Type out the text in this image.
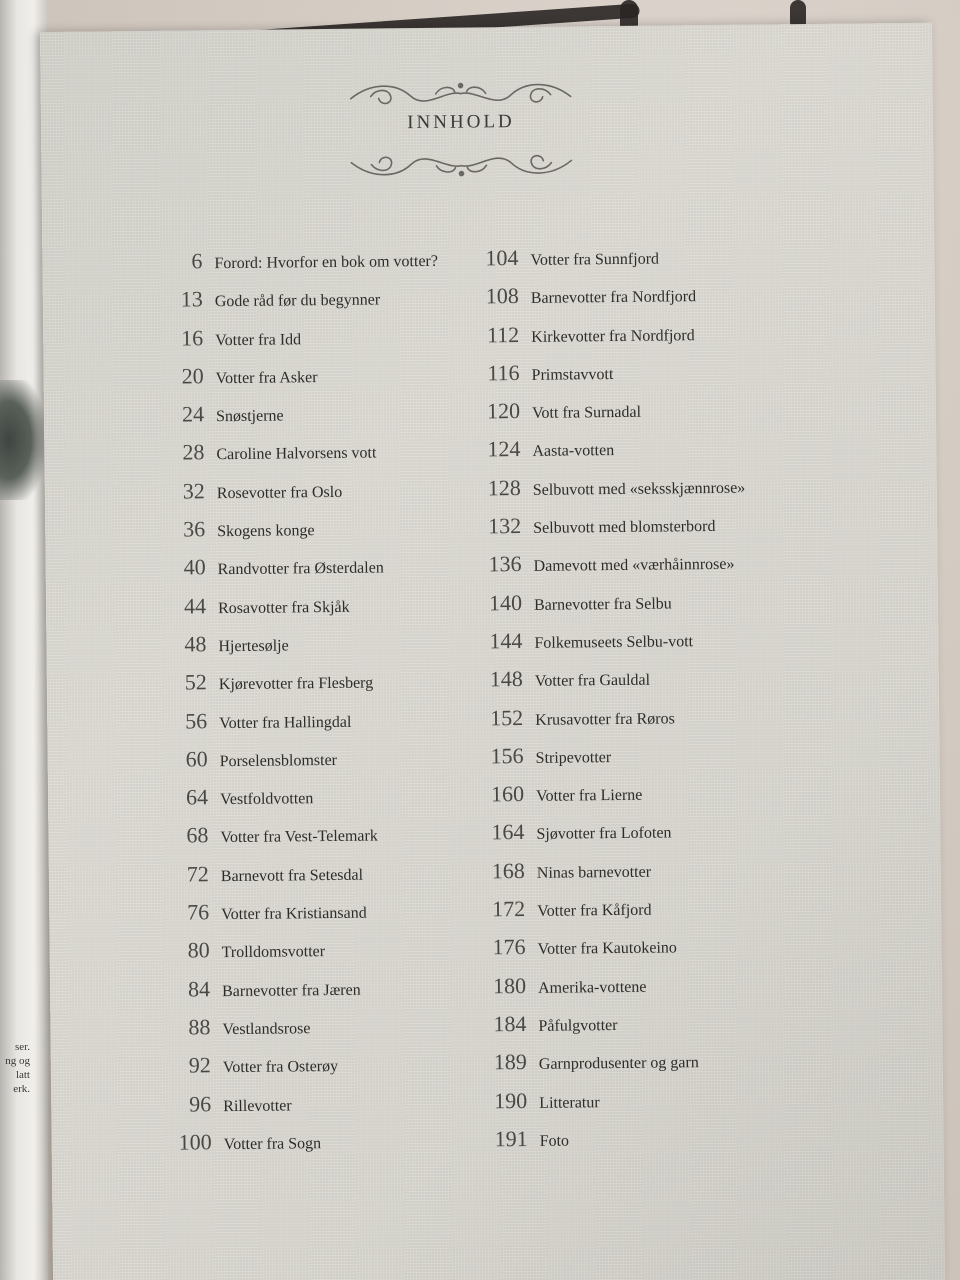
ser.
ng og
latt
erk.
INNHOLD
6 Forord: Hvorfor en bok om votter?
13 Gode råd før du begynner
16 Votter fra Idd
20 Votter fra Asker
24 Snøstjerne
28 Caroline Halvorsens vott
32 Rosevotter fra Oslo
36 Skogens konge
40 Randvotter fra Østerdalen
44 Rosavotter fra Skjåk
48 Hjertesølje
52 Kjørevotter fra Flesberg
56 Votter fra Hallingdal
60 Porselensblomster
64 Vestfoldvotten
68 Votter fra Vest-Telemark
72 Barnevott fra Setesdal
76 Votter fra Kristiansand
80 Trolldomsvotter
84 Barnevotter fra Jæren
88 Vestlandsrose
92 Votter fra Osterøy
96 Rillevotter
100 Votter fra Sogn
104 Votter fra Sunnfjord
108 Barnevotter fra Nordfjord
112 Kirkevotter fra Nordfjord
116 Primstavvott
120 Vott fra Surnadal
124 Aasta-votten
128 Selbuvott med «seksskjænnrose»
132 Selbuvott med blomsterbord
136 Damevott med «værhåinnrose»
140 Barnevotter fra Selbu
144 Folkemuseets Selbu-vott
148 Votter fra Gauldal
152 Krusavotter fra Røros
156 Stripevotter
160 Votter fra Lierne
164 Sjøvotter fra Lofoten
168 Ninas barnevotter
172 Votter fra Kåfjord
176 Votter fra Kautokeino
180 Amerika-vottene
184 Påfulgvotter
189 Garnprodusenter og garn
190 Litteratur
191 Foto
